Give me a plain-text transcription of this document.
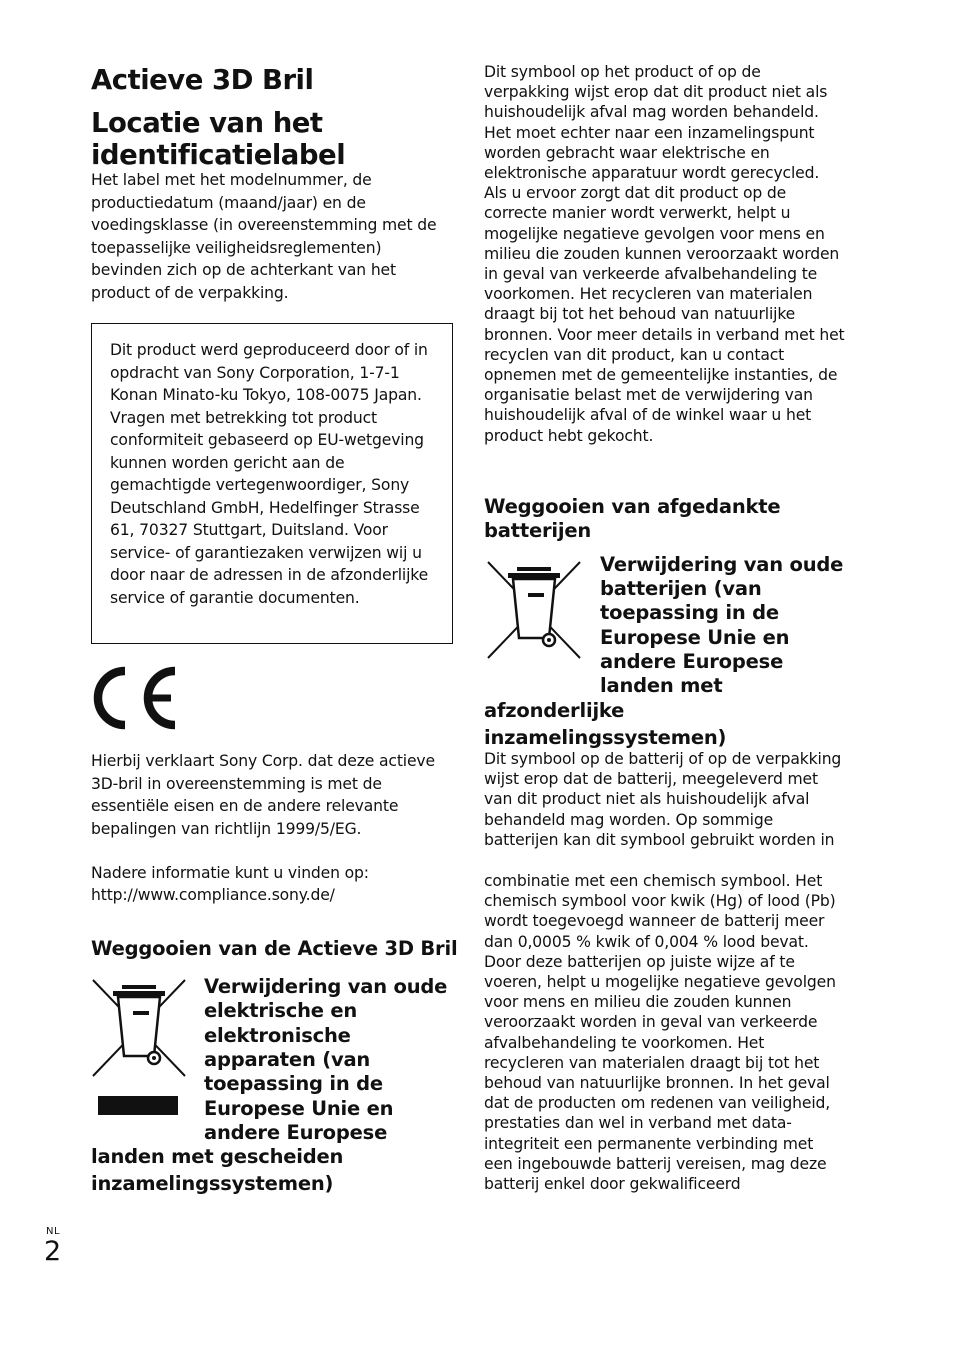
Actieve 3D Bril
Locatie van het
identificatielabel

Het label met het modelnummer, de productiedatum (maand/jaar) en de voedingsklasse (in overeenstemming met de toepasselijke veiligheidsreglementen) bevinden zich op de achterkant van het product of de verpakking.

Dit product werd geproduceerd door of in opdracht van Sony Corporation, 1-7-1 Konan Minato-ku Tokyo, 108-0075 Japan. Vragen met betrekking tot product conformiteit gebaseerd op EU-wetgeving kunnen worden gericht aan de gemachtigde vertegenwoordiger, Sony Deutschland GmbH, Hedelfinger Strasse 61, 70327 Stuttgart, Duitsland. Voor service- of garantiezaken verwijzen wij u door naar de adressen in de afzonderlijke service of garantie documenten.

Hierbij verklaart Sony Corp. dat deze actieve 3D-bril in overeenstemming is met de essentiële eisen en de andere relevante bepalingen van richtlijn 1999/5/EG.

Nadere informatie kunt u vinden op:

http://www.compliance.sony.de/

Weggooien van de Actieve 3D Bril
Verwijdering van oude
elektrische en
elektronische
apparaten (van
toepassing in de
Europese Unie en
andere Europese
landen met gescheiden
inzamelingssystemen)

Dit symbool op het product of op de verpakking wijst erop dat dit product niet als huishoudelijk afval mag worden behandeld. Het moet echter naar een inzamelingspunt worden gebracht waar elektrische en elektronische apparatuur wordt gerecycled. Als u ervoor zorgt dat dit product op de correcte manier wordt verwerkt, helpt u mogelijke negatieve gevolgen voor mens en milieu die zouden kunnen veroorzaakt worden in geval van verkeerde afvalbehandeling te voorkomen. Het recycleren van materialen draagt bij tot het behoud van natuurlijke bronnen. Voor meer details in verband met het recyclen van dit product, kan u contact opnemen met de gemeentelijke instanties, de organisatie belast met de verwijdering van huishoudelijk afval of de winkel waar u het product hebt gekocht.

Weggooien van afgedankte
batterijen
Verwijdering van oude
batterijen (van
toepassing in de
Europese Unie en
andere Europese
landen met
afzonderlijke
inzamelingssystemen)

Dit symbool op de batterij of op de verpakking wijst erop dat de batterij, meegeleverd met van dit product niet als huishoudelijk afval behandeld mag worden. Op sommige batterijen kan dit symbool gebruikt worden in

combinatie met een chemisch symbool. Het chemisch symbool voor kwik (Hg) of lood (Pb) wordt toegevoegd wanneer de batterij meer dan 0,0005 % kwik of 0,004 % lood bevat. Door deze batterijen op juiste wijze af te voeren, helpt u mogelijke negatieve gevolgen voor mens en milieu die zouden kunnen veroorzaakt worden in geval van verkeerde afvalbehandeling te voorkomen. Het recycleren van materialen draagt bij tot het behoud van natuurlijke bronnen. In het geval dat de producten om redenen van veiligheid, prestaties dan wel in verband met data-integriteit een permanente verbinding met een ingebouwde batterij vereisen, mag deze batterij enkel door gekwalificeerd

NL
2
